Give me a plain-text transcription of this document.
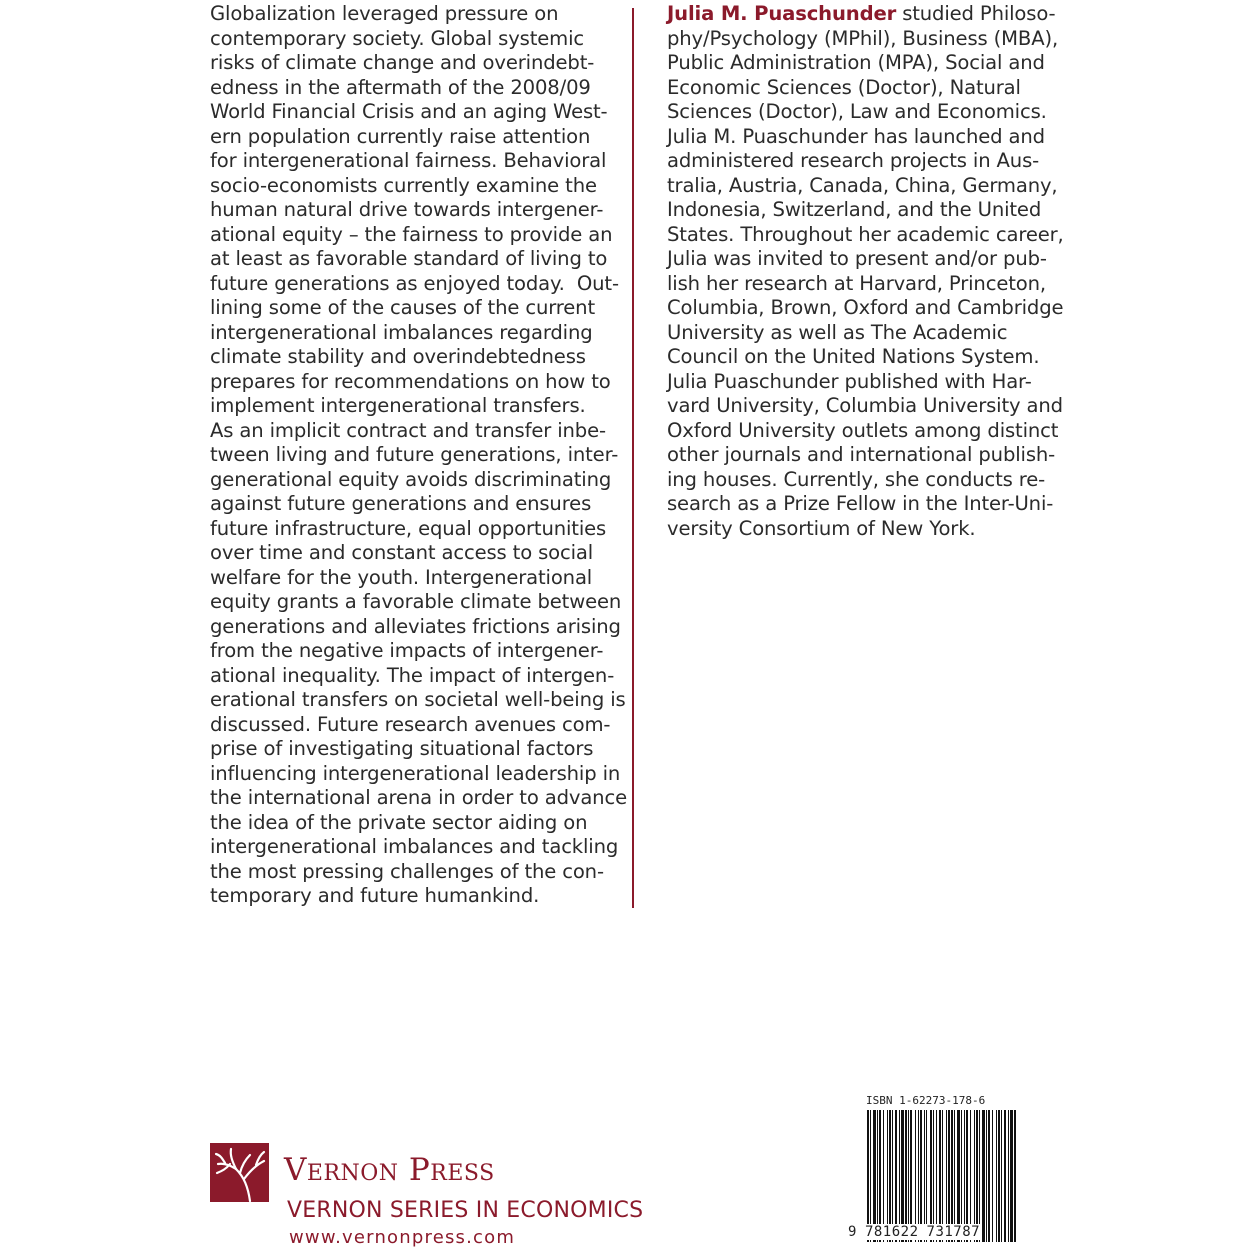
Globalization leveraged pressure on
contemporary society. Global systemic
risks of climate change and overindebt-
edness in the aftermath of the 2008/09
World Financial Crisis and an aging West-
ern population currently raise attention
for intergenerational fairness. Behavioral
socio-economists currently examine the
human natural drive towards intergener-
ational equity – the fairness to provide an
at least as favorable standard of living to
future generations as enjoyed today.  Out-
lining some of the causes of the current
intergenerational imbalances regarding
climate stability and overindebtedness
prepares for recommendations on how to
implement intergenerational transfers.
As an implicit contract and transfer inbe-
tween living and future generations, inter-
generational equity avoids discriminating
against future generations and ensures
future infrastructure, equal opportunities
over time and constant access to social
welfare for the youth. Intergenerational
equity grants a favorable climate between
generations and alleviates frictions arising
from the negative impacts of intergener-
ational inequality. The impact of intergen-
erational transfers on societal well-being is
discussed. Future research avenues com-
prise of investigating situational factors
influencing intergenerational leadership in
the international arena in order to advance
the idea of the private sector aiding on
intergenerational imbalances and tackling
the most pressing challenges of the con-
temporary and future humankind.
Julia M. Puaschunder studied Philoso-
phy/Psychology (MPhil), Business (MBA),
Public Administration (MPA), Social and
Economic Sciences (Doctor), Natural
Sciences (Doctor), Law and Economics.
Julia M. Puaschunder has launched and
administered research projects in Aus-
tralia, Austria, Canada, China, Germany,
Indonesia, Switzerland, and the United
States. Throughout her academic career,
Julia was invited to present and/or pub-
lish her research at Harvard, Princeton,
Columbia, Brown, Oxford and Cambridge
University as well as The Academic
Council on the United Nations System.
Julia Puaschunder published with Har-
vard University, Columbia University and
Oxford University outlets among distinct
other journals and international publish-
ing houses. Currently, she conducts re-
search as a Prize Fellow in the Inter-Uni-
versity Consortium of New York.
Vernon Press
VERNON SERIES IN ECONOMICS
www.vernonpress.com
ISBN 1-62273-178-6
9 781622 731787
